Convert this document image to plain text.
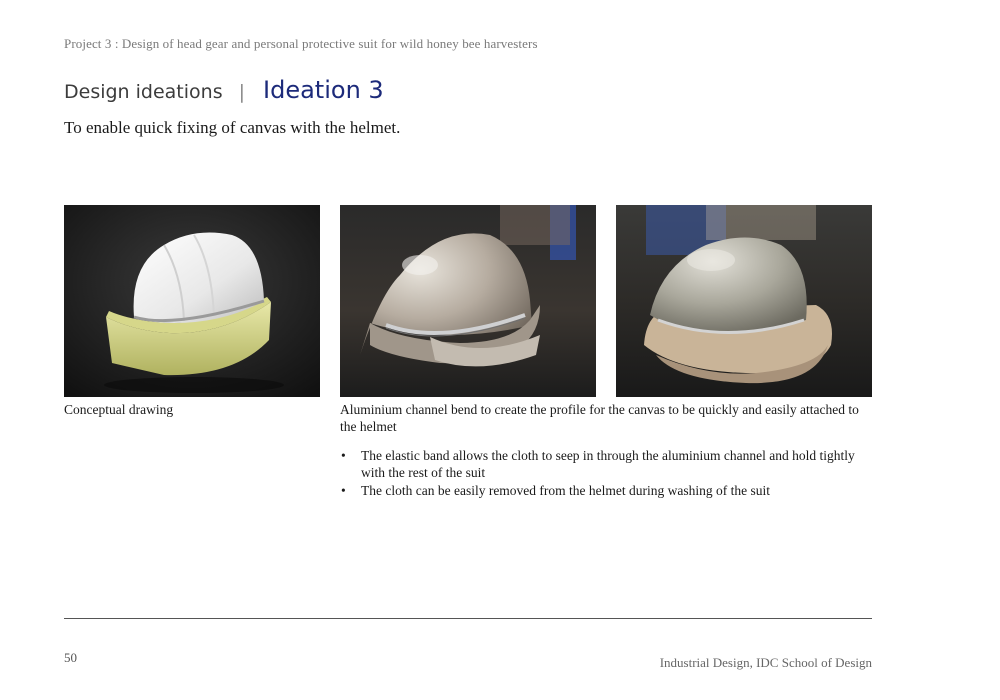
Project 3 : Design of head gear and personal protective suit for wild honey bee harvesters
Design ideations | Ideation 3
To enable quick fixing of canvas with the helmet.
Conceptual drawing	Aluminium channel bend to create the profile for the canvas to be quickly and easily attached to the helmet
• The elastic band allows the cloth to seep in through the aluminium channel and hold tightly with the rest of the suit
• The cloth can be easily removed from the helmet during washing of the suit
50	Industrial Design, IDC School of Design
